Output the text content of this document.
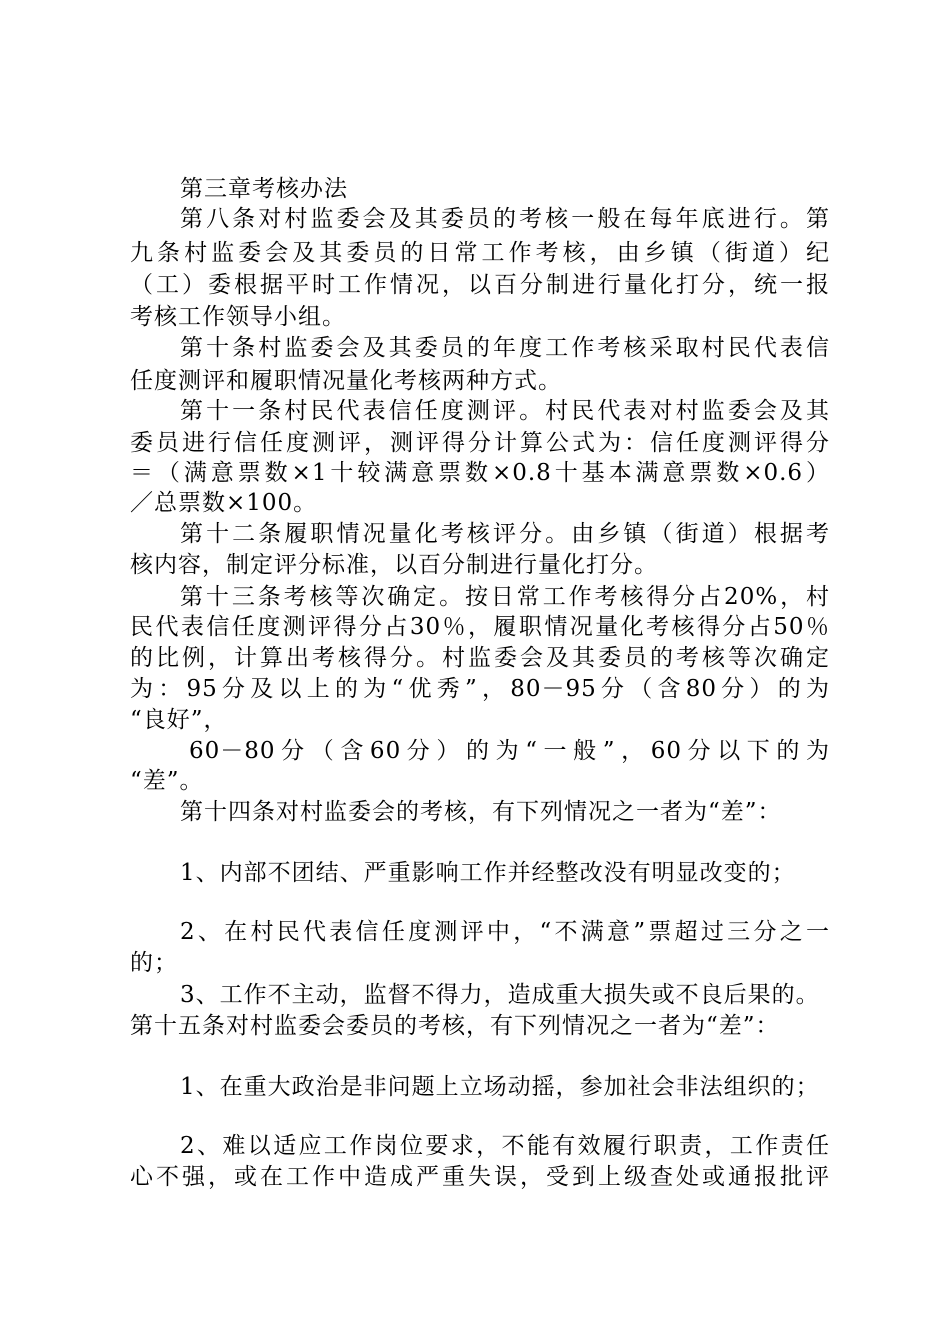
第三章考核办法
第八条对村监委会及其委员的考核一般在每年底进行。第
九条村监委会及其委员的日常工作考核，由乡镇（街道）纪
（工）委根据平时工作情况，以百分制进行量化打分，统一报
考核工作领导小组。
第十条村监委会及其委员的年度工作考核采取村民代表信
任度测评和履职情况量化考核两种方式。
第十一条村民代表信任度测评。村民代表对村监委会及其
委员进行信任度测评，测评得分计算公式为：信任度测评得分
＝（满意票数×1十较满意票数×0.8十基本满意票数×0.6）
／总票数×100。
第十二条履职情况量化考核评分。由乡镇（街道）根据考
核内容，制定评分标准，以百分制进行量化打分。
第十三条考核等次确定。按日常工作考核得分占20%，村
民代表信任度测评得分占30％，履职情况量化考核得分占50％
的比例，计算出考核得分。村监委会及其委员的考核等次确定
为：95分及以上的为“优秀”，80－95分（含80分）的为
“良好”，
60－80分（含60分）的为“一般”，60分以下的为
“差”。
第十四条对村监委会的考核，有下列情况之一者为“差”：
1、内部不团结、严重影响工作并经整改没有明显改变的；
2、在村民代表信任度测评中，“不满意”票超过三分之一
的；
3、工作不主动，监督不得力，造成重大损失或不良后果的。
第十五条对村监委会委员的考核，有下列情况之一者为“差”：
1、在重大政治是非问题上立场动摇，参加社会非法组织的；
2、难以适应工作岗位要求，不能有效履行职责，工作责任
心不强，或在工作中造成严重失误，受到上级查处或通报批评
